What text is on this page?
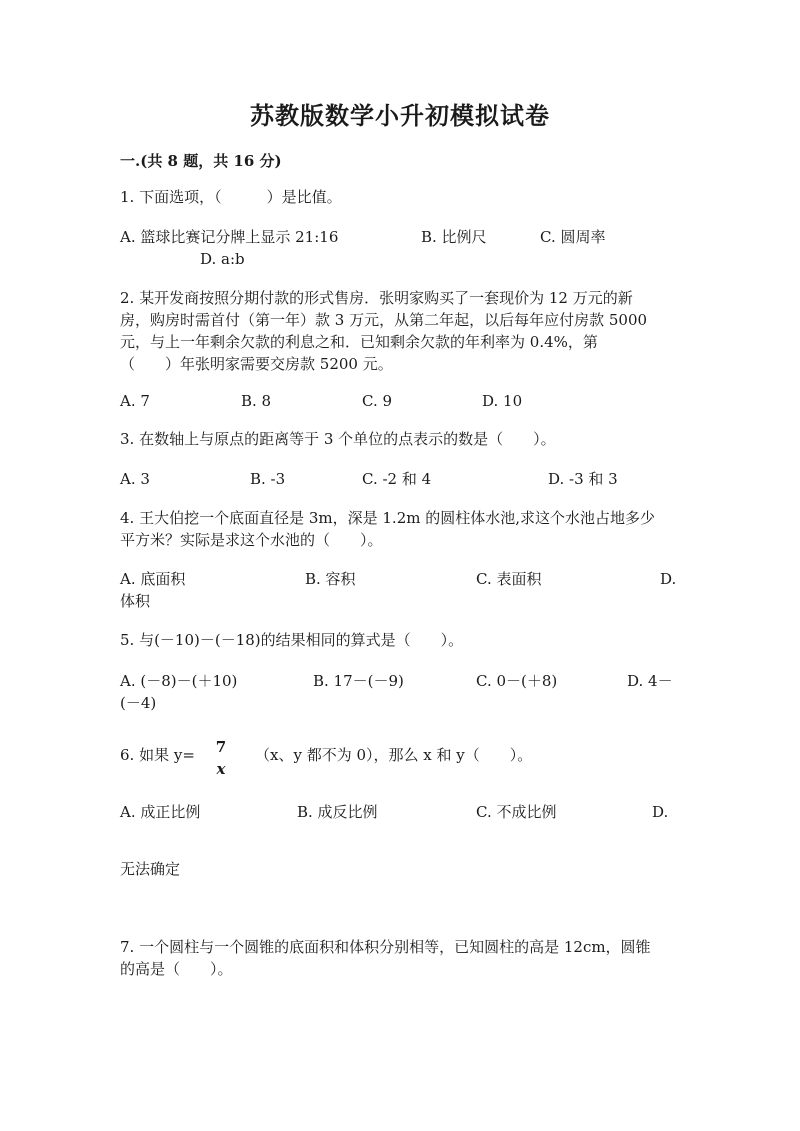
苏教版数学小升初模拟试卷
一.(共 8 题，共 16 分)
1. 下面选项，（　　　）是比值。
A. 篮球比赛记分牌上显示 21:16	B. 比例尺	C. 圆周率
D. a:b
2. 某开发商按照分期付款的形式售房．张明家购买了一套现价为 12 万元的新
房，购房时需首付（第一年）款 3 万元，从第二年起，以后每年应付房款 5000
元，与上一年剩余欠款的利息之和．已知剩余欠款的年利率为 0.4%，第
（　　）年张明家需要交房款 5200 元。
A. 7	B. 8	C. 9	D. 10
3. 在数轴上与原点的距离等于 3 个单位的点表示的数是（　　）。
A. 3	B. -3	C. -2 和 4	D. -3 和 3
4. 王大伯挖一个底面直径是 3m，深是 1.2m 的圆柱体水池,求这个水池占地多少
平方米？实际是求这个水池的（　　）。
A. 底面积	B. 容积	C. 表面积	D.
体积
5. 与(－10)－(－18)的结果相同的算式是（　　）。
A. (－8)－(＋10)	B. 17－(－9)	C. 0－(＋8)	D. 4－
(－4)
6. 如果 y= 7
x
（x、y 都不为 0），那么 x 和 y（　　）。
A. 成正比例	B. 成反比例	C. 不成比例	D.
无法确定
7. 一个圆柱与一个圆锥的底面积和体积分别相等，已知圆柱的高是 12cm，圆锥
的高是（　　）。
